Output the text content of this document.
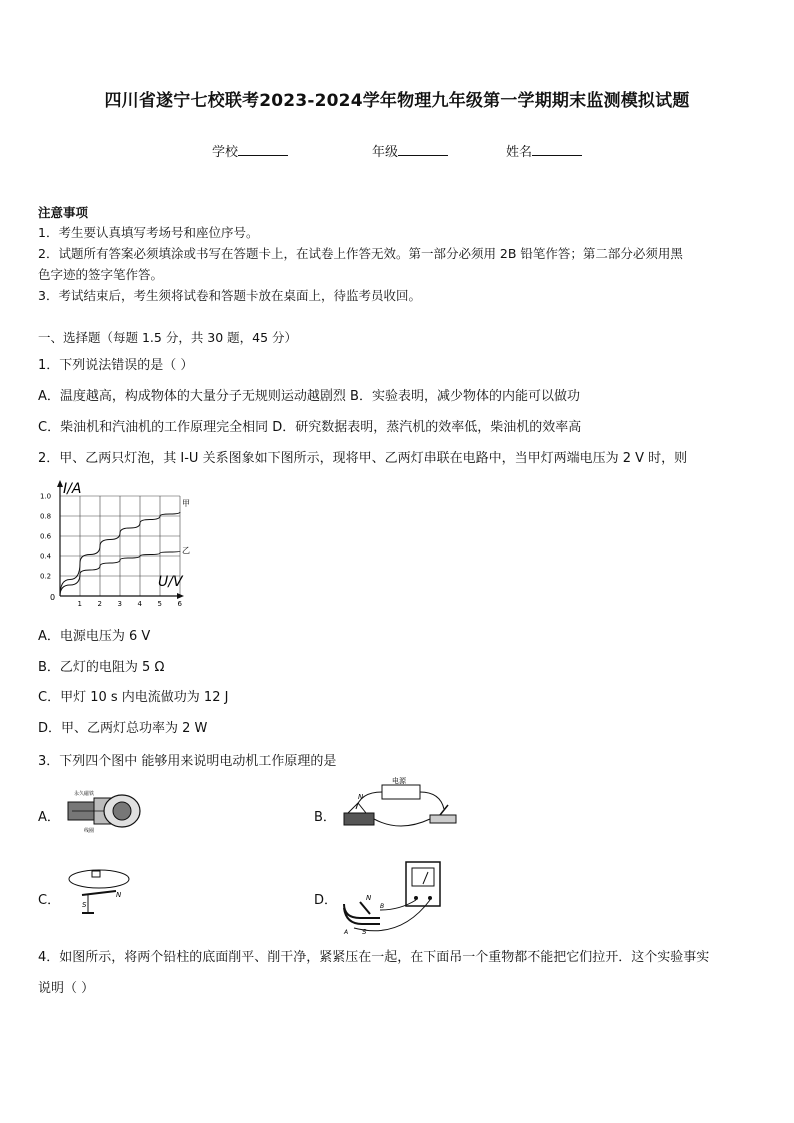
四川省遂宁七校联考2023-2024学年物理九年级第一学期期末监测模拟试题
学校	年级	姓名
注意事项
1．考生要认真填写考场号和座位序号。
2．试题所有答案必须填涂或书写在答题卡上，在试卷上作答无效。第一部分必须用 2B 铅笔作答；第二部分必须用黑
色字迹的签字笔作答。
3．考试结束后，考生须将试卷和答题卡放在桌面上，待监考员收回。
一、选择题（每题 1.5 分，共 30 题，45 分）
1．下列说法错误的是（ ）
A．温度越高，构成物体的大量分子无规则运动越剧烈 B．实验表明，减少物体的内能可以做功
C．柴油机和汽油机的工作原理完全相同 D．研究数据表明，蒸汽机的效率低，柴油机的效率高
2．甲、乙两只灯泡，其 I-U 关系图象如下图所示，现将甲、乙两灯串联在电路中，当甲灯两端电压为 2 V 时，则
I/A
U/V
0
1 2 3 4 5 6
0.2
0.4
0.6
0.8
1.0
甲
乙
A．电源电压为 6 V
B．乙灯的电阻为 5 Ω
C．甲灯 10 s 内电流做功为 12 J
D．甲、乙两灯总功率为 2 W
3．下列四个图中 能够用来说明电动机工作原理的是
A．
永久磁铁
线圈
B．
电源
N
C．	S
N	D．	N
S
A
B
4．如图所示，将两个铅柱的底面削平、削干净，紧紧压在一起，在下面吊一个重物都不能把它们拉开．这个实验事实
说明（ ）
